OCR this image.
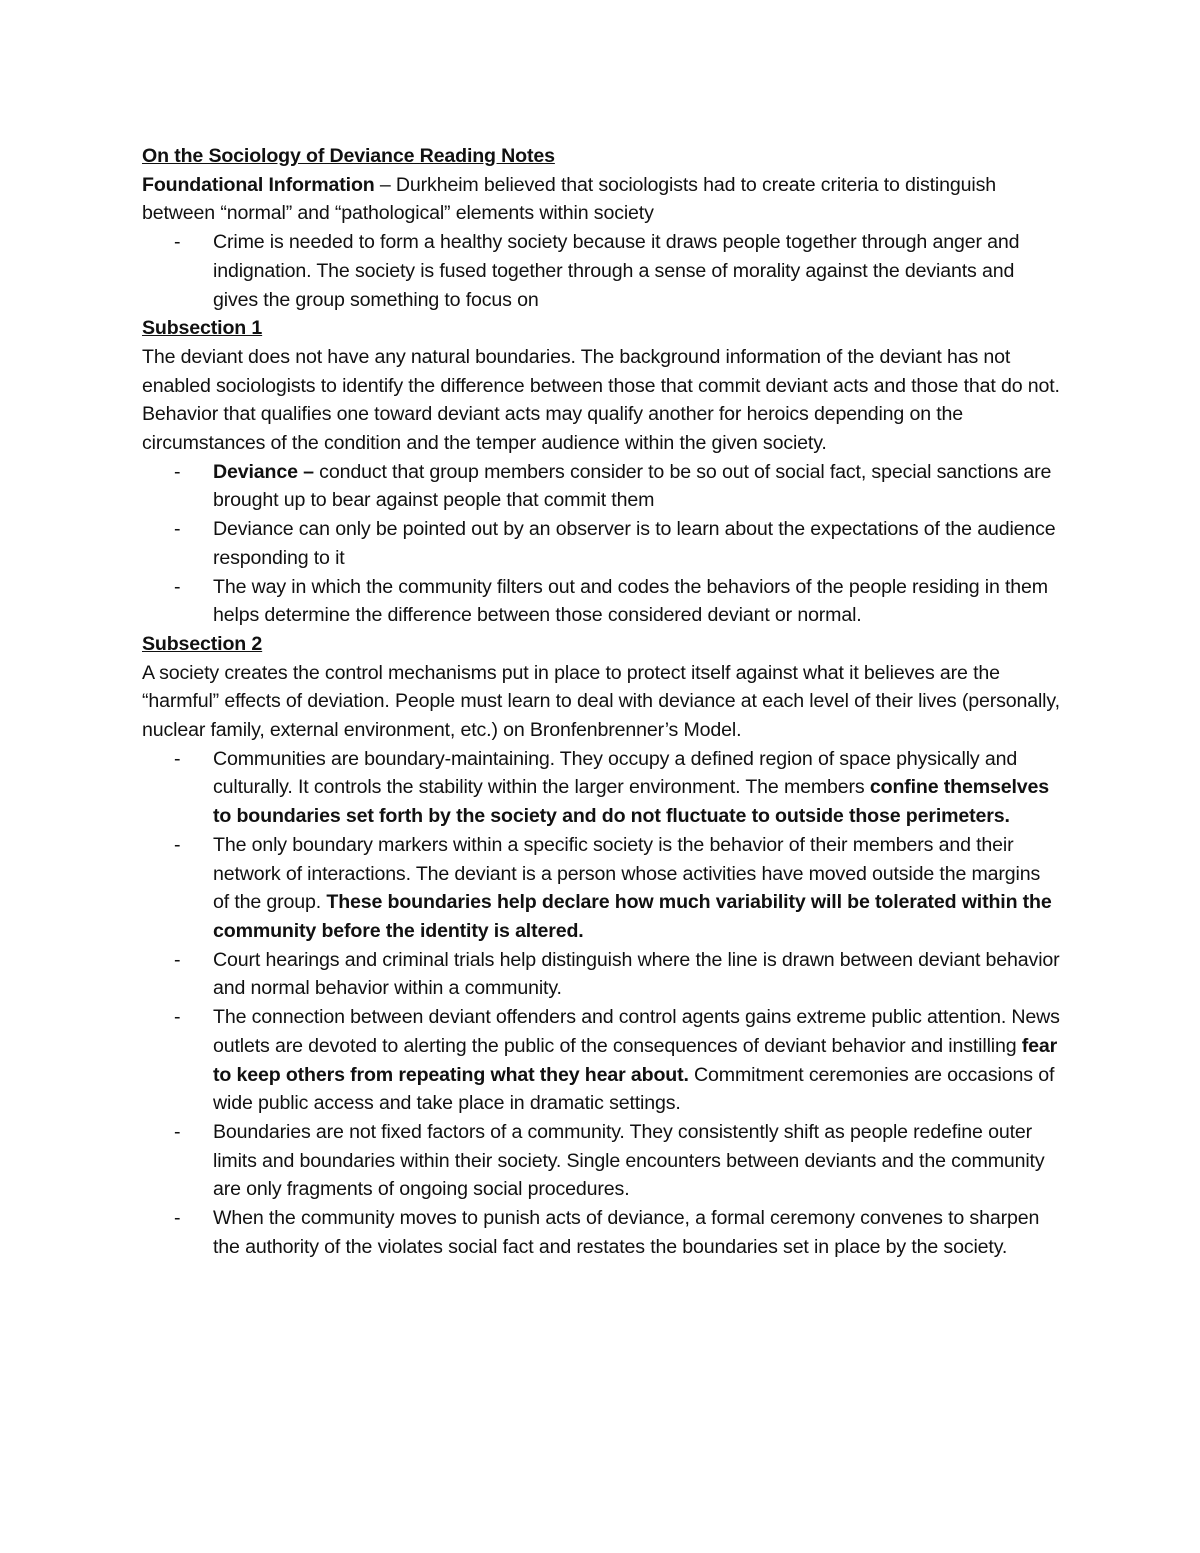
On the Sociology of Deviance Reading Notes
Foundational Information – Durkheim believed that sociologists had to create criteria to distinguish between “normal” and “pathological” elements within society
- Crime is needed to form a healthy society because it draws people together through anger and indignation. The society is fused together through a sense of morality against the deviants and gives the group something to focus on
Subsection 1
The deviant does not have any natural boundaries. The background information of the deviant has not enabled sociologists to identify the difference between those that commit deviant acts and those that do not. Behavior that qualifies one toward deviant acts may qualify another for heroics depending on the circumstances of the condition and the temper audience within the given society.
- Deviance – conduct that group members consider to be so out of social fact, special sanctions are brought up to bear against people that commit them
- Deviance can only be pointed out by an observer is to learn about the expectations of the audience responding to it
- The way in which the community filters out and codes the behaviors of the people residing in them helps determine the difference between those considered deviant or normal.
Subsection 2
A society creates the control mechanisms put in place to protect itself against what it believes are the “harmful” effects of deviation. People must learn to deal with deviance at each level of their lives (personally, nuclear family, external environment, etc.) on Bronfenbrenner’s Model.
- Communities are boundary-maintaining. They occupy a defined region of space physically and culturally. It controls the stability within the larger environment. The members confine themselves to boundaries set forth by the society and do not fluctuate to outside those perimeters.
- The only boundary markers within a specific society is the behavior of their members and their network of interactions. The deviant is a person whose activities have moved outside the margins of the group. These boundaries help declare how much variability will be tolerated within the community before the identity is altered.
- Court hearings and criminal trials help distinguish where the line is drawn between deviant behavior and normal behavior within a community.
- The connection between deviant offenders and control agents gains extreme public attention. News outlets are devoted to alerting the public of the consequences of deviant behavior and instilling fear to keep others from repeating what they hear about. Commitment ceremonies are occasions of wide public access and take place in dramatic settings.
- Boundaries are not fixed factors of a community. They consistently shift as people redefine outer limits and boundaries within their society. Single encounters between deviants and the community are only fragments of ongoing social procedures.
- When the community moves to punish acts of deviance, a formal ceremony convenes to sharpen the authority of the violates social fact and restates the boundaries set in place by the society.
